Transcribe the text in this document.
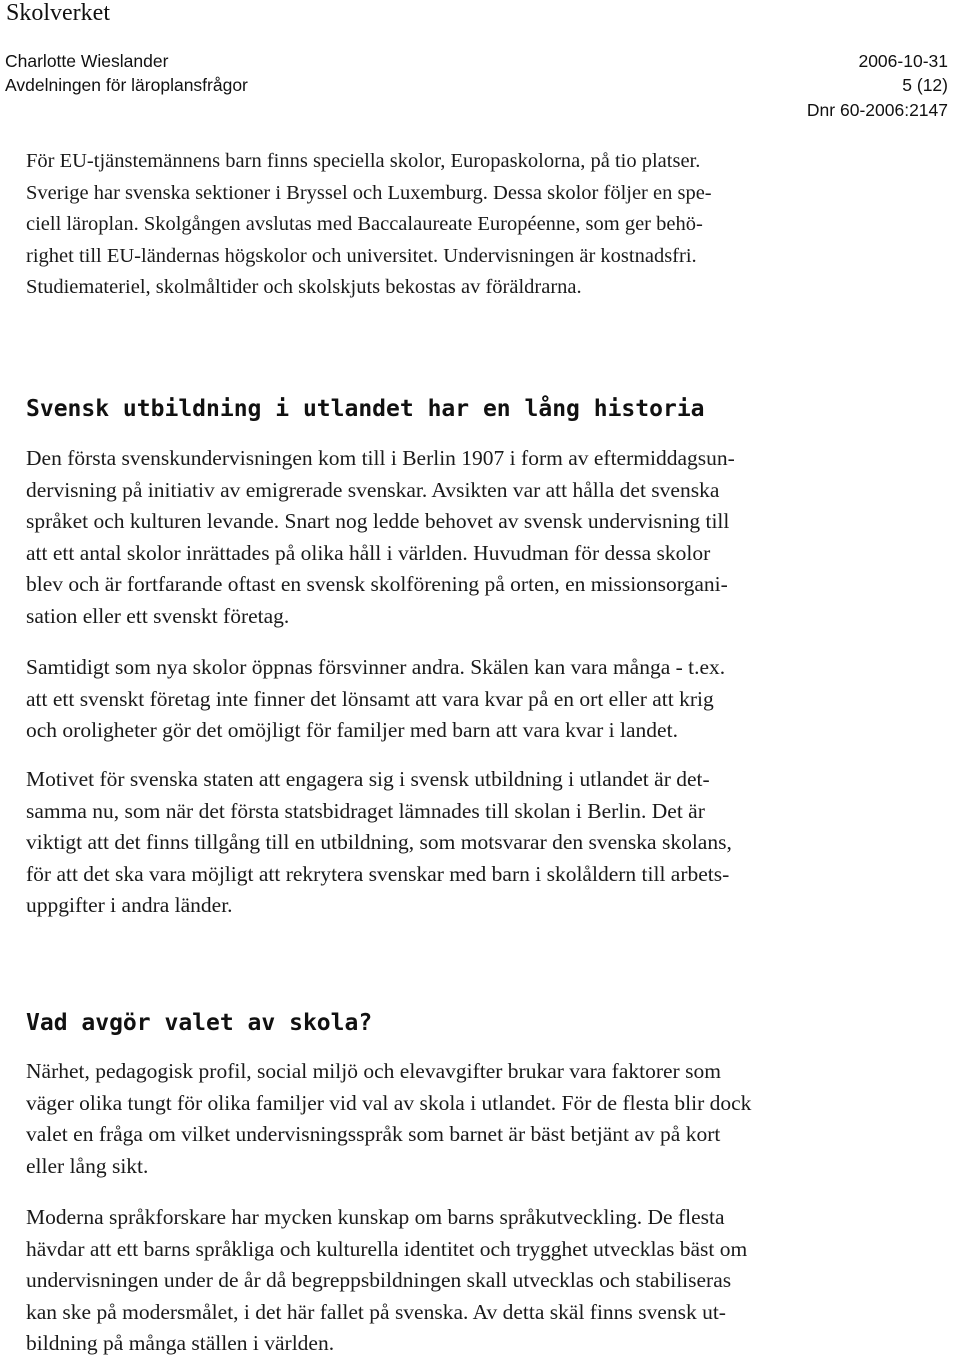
Skolverket
Charlotte Wieslander
Avdelningen för läroplansfrågor
2006-10-31
5 (12)
Dnr 60-2006:2147
För EU-tjänstemännens barn finns speciella skolor, Europaskolorna, på tio platser.
Sverige har svenska sektioner i Bryssel och Luxemburg. Dessa skolor följer en spe-
ciell läroplan. Skolgången avslutas med Baccalaureate Européenne, som ger behö-
righet till EU-ländernas högskolor och universitet. Undervisningen är kostnadsfri.
Studiemateriel, skolmåltider och skolskjuts bekostas av föräldrarna.
Svensk utbildning i utlandet har en lång historia
Den första svenskundervisningen kom till i Berlin 1907 i form av eftermiddagsun-
dervisning på initiativ av emigrerade svenskar. Avsikten var att hålla det svenska
språket och kulturen levande. Snart nog ledde behovet av svensk undervisning till
att ett antal skolor inrättades på olika håll i världen. Huvudman för dessa skolor
blev och är fortfarande oftast en svensk skolförening på orten, en missionsorgani-
sation eller ett svenskt företag.
Samtidigt som nya skolor öppnas försvinner andra. Skälen kan vara många - t.ex.
att ett svenskt företag inte finner det lönsamt att vara kvar på en ort eller att krig
och oroligheter gör det omöjligt för familjer med barn att vara kvar i landet.
Motivet för svenska staten att engagera sig i svensk utbildning i utlandet är det-
samma nu, som när det första statsbidraget lämnades till skolan i Berlin. Det är
viktigt att det finns tillgång till en utbildning, som motsvarar den svenska skolans,
för att det ska vara möjligt att rekrytera svenskar med barn i skolåldern till arbets-
uppgifter i andra länder.
Vad avgör valet av skola?
Närhet, pedagogisk profil, social miljö och elevavgifter brukar vara faktorer som
väger olika tungt för olika familjer vid val av skola i utlandet. För de flesta blir dock
valet en fråga om vilket undervisningsspråk som barnet är bäst betjänt av på kort
eller lång sikt.
Moderna språkforskare har mycken kunskap om barns språkutveckling. De flesta
hävdar att ett barns språkliga och kulturella identitet och trygghet utvecklas bäst om
undervisningen under de år då begreppsbildningen skall utvecklas och stabiliseras
kan ske på modersmålet, i det här fallet på svenska. Av detta skäl finns svensk ut-
bildning på många ställen i världen.
